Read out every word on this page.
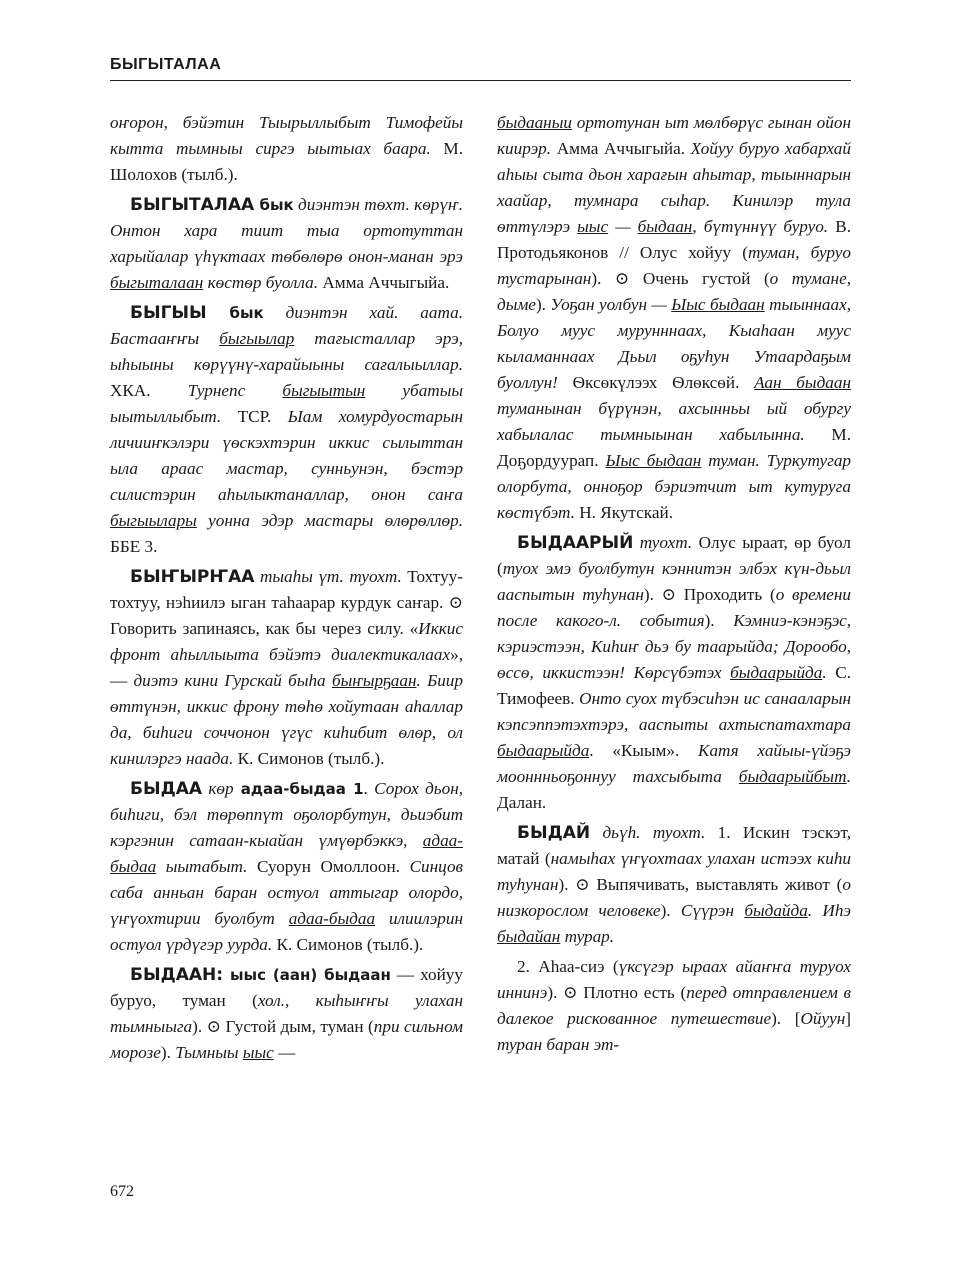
БЫГЫТАЛАА

оҥорон, бэйэтин Тыырыллыбыт Тимофейы кытта тымныы сиргэ ыытыах баара. М. Шолохов (тылб.).

БЫГЫТАЛАА бык диэнтэн тѳхт. кѳрүҥ. Онтон хара тиит тыа ортотуттан харыйалар үһүктаах тѳбѳлѳрѳ онон-манан эрэ быгыталаан кѳстѳр буолла. Амма Аччыгыйа.

БЫГЫЫ бык диэнтэн хай. аата. Бастааҥҥы быгыылар тағысталлар эрэ, ыһыыны кѳрүүнү-харайыыны сағалыыллар. ХКА. Турнепс быгыытын убатыы ыытыллыбыт. ТСР. Ыам хомурдуостарын личииҥкэлэри үѳскэхтэрин иккис сылыттан ыла араас мастар, сунньунэн, бэстэр силистэрин аһылыктаналлар, онон саҥа быгыылары уонна эдэр мастары ѳлѳрѳллѳр. ББЕ 3.

БЫҤЫРҤАА тыаһы үт. туохт. Тохтуу-тохтуу, нэһиилэ ыган таһаарар курдук саҥар. ⊙ Говорить запинаясь, как бы через силу. «Иккис фронт аһыллыыта бэйэтэ диалектикалаах», — диэтэ кини Гурскай быһа быҥырҕаан. Биир ѳттүнэн, иккис фрону тѳһѳ хойутаан аһаллар да, биһиги соччонон үгүс киһибит ѳлѳр, ол кинилэргэ наада. К. Симонов (тылб.).

БЫДАА кѳр адаа-быдаа 1. Сорох дьон, биһиги, бэл тѳрѳппүт оҕолорбутун, дьиэбит кэргэнин сатаан-кыайан үмүѳрбэккэ, адаа-быдаа ыытабыт. Суорун Омоллоон. Синцов саба анньан баран остуол аттыгар олордо, үҥүохтирии буолбут адаа-быдаа илиилэрин остуол үрдүгэр уурда. К. Симонов (тылб.).

БЫДААН: ыыс (аан) быдаан — хойуу буруо, туман (хол., кыһыҥҥы улахан тымныыга). ⊙ Густой дым, туман (при сильном морозе). Тымныы ыыс —

быдааныи ортотунан ыт мѳлбѳрүс гынан ойон киирэр. Амма Аччыгыйа. Хойуу буруо хабархай аһыы сыта дьон харағын аһытар, тыыннарын хаайар, тумнара сыһар. Кинилэр тула ѳттүлэрэ ыыс — быдаан, бүтүннүү буруо. В. Протодьяконов // Олус хойуу (туман, буруо тустарынан). ⊙ Очень густой (о тумане, дыме). Уоҕан уолбун — Ыыс быдаан тыыннаах, Болуо муус мурунннаах, Кыаһаан муус кыламаннаах Дьыл оҕуһун Утаардаҕым буоллун! Ѳксѳкүлээх Ѳлѳксѳй. Аан быдаан туманынан бүрүнэн, ахсынньы ый обургу хабылалас тымныынан хабылынна. М. Доҕордуурап. Ыыс быдаан туман. Туркутугар олорбута, онноҕор бэриэтчит ыт кутуруга кѳстүбэт. Н. Якутскай.

БЫДААРЫЙ туохт. Олус ыраат, ѳр буол (туох эмэ буолбутун кэннитэн элбэх күн-дьыл ааспытын туһунан). ⊙ Проходить (о времени после какого-л. события). Кэмниэ-кэнэҕэс, кэриэстээн, Киһиҥ дьэ бу таарыйда; Дорообо, ѳссѳ, иккистээн! Кѳрсүбэтэх быдаарыйда. С. Тимофеев. Онто суох түбэсиһэн ис санааларын кэпсэппэтэхтэрэ, ааспыты ахтыспатахтара быдаарыйда. «Кыым». Катя хайыы-үйэҕэ мооннньоҕоннуу тахсыбыта быдаарыйбыт. Далан.

БЫДАЙ дьүһ. туохт. 1. Искин тэскэт, матай (намыһах үҥүохтаах улахан истээх киһи туһунан). ⊙ Выпячивать, выставлять живот (о низкорослом человеке). Сүүрэн быдайда. Иһэ быдайан турар.

2. Аһаа-сиэ (үксүгэр ыраах айаҥҥа туруох иннинэ). ⊙ Плотно есть (перед отправлением в далекое рискованное путешествие). [Ойуун] туран баран эт-

672
